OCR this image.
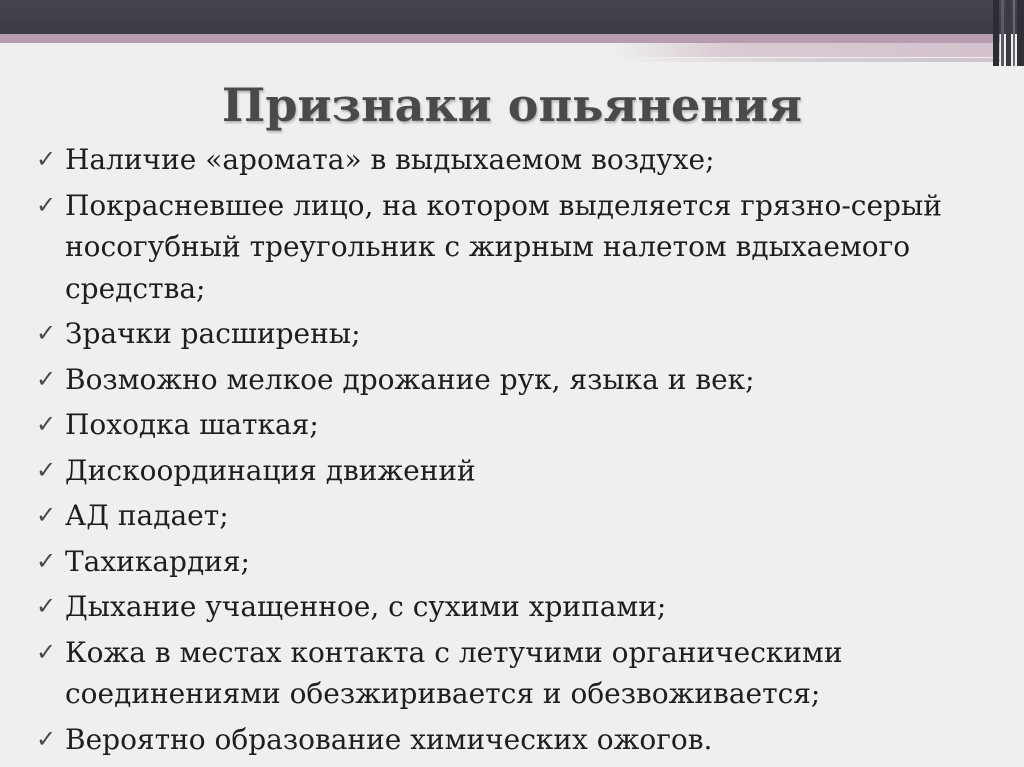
Признаки опьянения
✓ Наличие «аромата» в выдыхаемом воздухе;
✓ Покрасневшее лицо, на котором выделяется грязно-серый
носогубный треугольник с жирным налетом вдыхаемого
средства;
✓ Зрачки расширены;
✓ Возможно мелкое дрожание рук, языка и век;
✓ Походка шаткая;
✓ Дискоординация движений
✓ АД падает;
✓ Тахикардия;
✓ Дыхание учащенное, с сухими хрипами;
✓ Кожа в местах контакта с летучими органическими
соединениями обезжиривается и обезвоживается;
✓ Вероятно образование химических ожогов.
